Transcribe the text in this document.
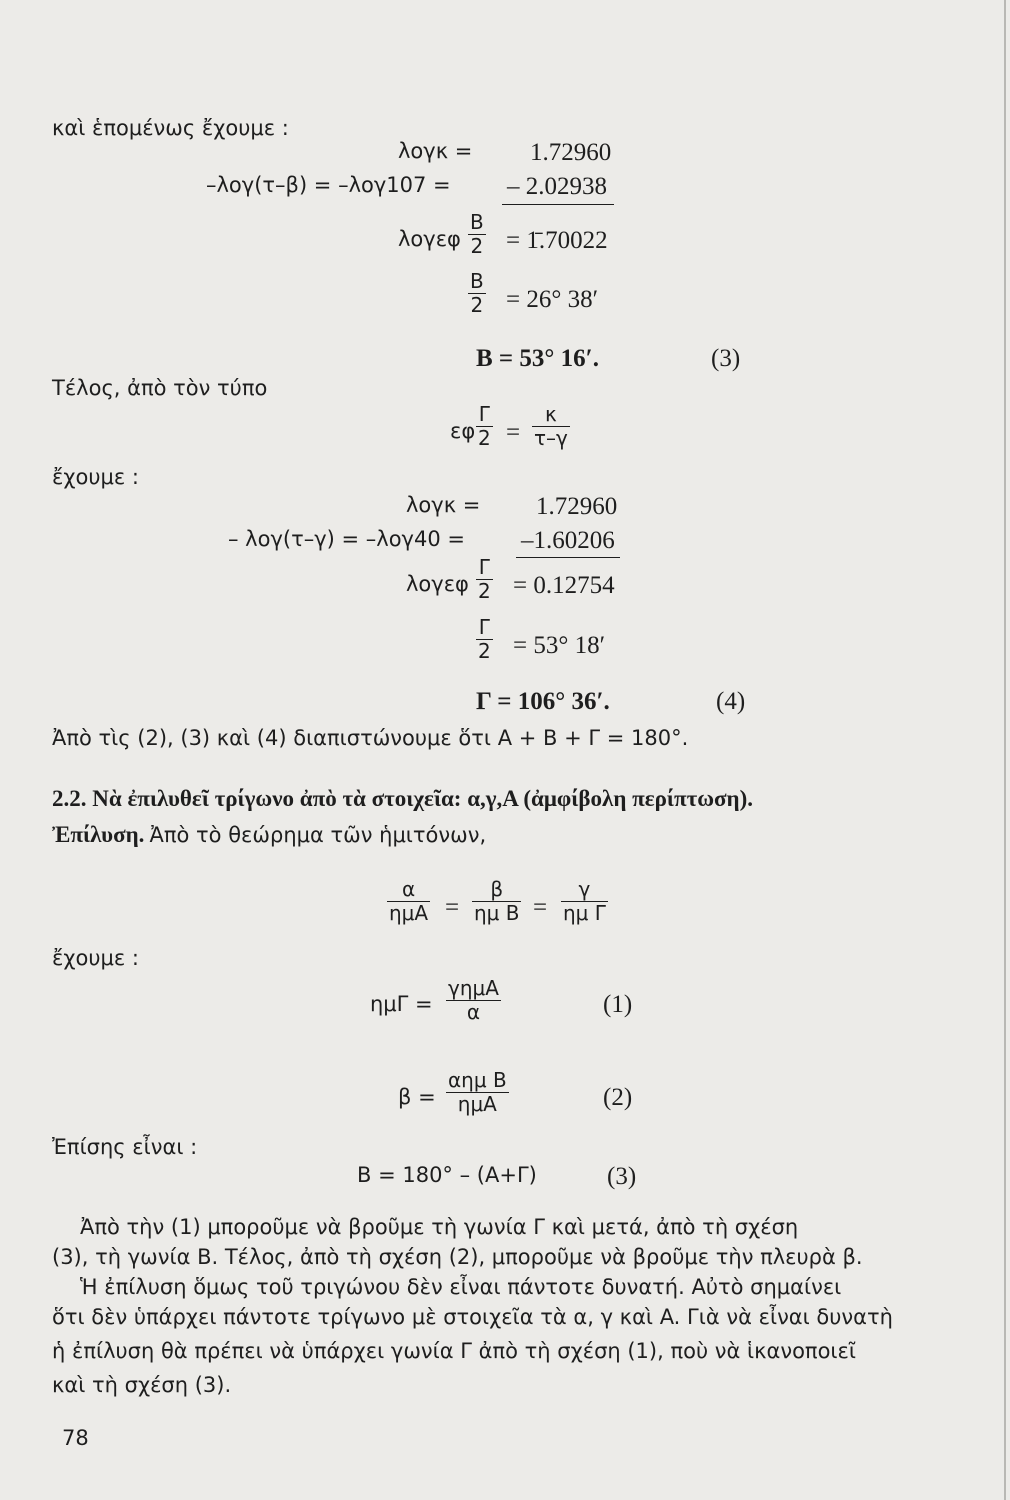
καὶ ἑπομένως ἔχουμε :
λογκ = 1.72960
–λογ(τ–β) = –λογ107 = – 2.02938
λογεφ
B
2 = 1̄.70022
B
2 = 26° 38′
B = 53° 16′.	(3)
Τέλος, ἀπὸ τὸν τύπο
εφ
Γ
2 =
κ
τ–γ
ἔχουμε :
λογκ = 1.72960
– λογ(τ–γ) = –λογ40 = –1.60206
λογεφ
Γ
2 = 0.12754
Γ
2 = 53° 18′
Γ = 106° 36′.	(4)
Ἀπὸ τὶς (2), (3) καὶ (4) διαπιστώνουμε ὅτι A + B + Γ = 180°.
2.2. Νὰ ἐπιλυθεῖ τρίγωνο ἀπὸ τὰ στοιχεῖα: α,γ,Α (ἀμφίβολη περίπτωση).
Ἐπίλυση. Ἀπὸ τὸ θεώρημα τῶν ἡμιτόνων,
α
ημA =
β
ημ B =
γ
ημ Γ
ἔχουμε :
ημΓ =
γημA
α	(1)
β =
αημ B
ημA	(2)
Ἐπίσης εἶναι :
B = 180° – (A+Γ)	(3)
Ἀπὸ τὴν (1) μποροῦμε νὰ βροῦμε τὴ γωνία Γ καὶ μετά, ἀπὸ τὴ σχέση
(3), τὴ γωνία B. Τέλος, ἀπὸ τὴ σχέση (2), μποροῦμε νὰ βροῦμε τὴν πλευρὰ β.
Ἡ ἐπίλυση ὅμως τοῦ τριγώνου δὲν εἶναι πάντοτε δυνατή. Αὐτὸ σημαίνει
ὅτι δὲν ὑπάρχει πάντοτε τρίγωνο μὲ στοιχεῖα τὰ α, γ καὶ A. Γιὰ νὰ εἶναι δυνατὴ
ἡ ἐπίλυση θὰ πρέπει νὰ ὑπάρχει γωνία Γ ἀπὸ τὴ σχέση (1), ποὺ νὰ ἱκανοποιεῖ
καὶ τὴ σχέση (3).
78
